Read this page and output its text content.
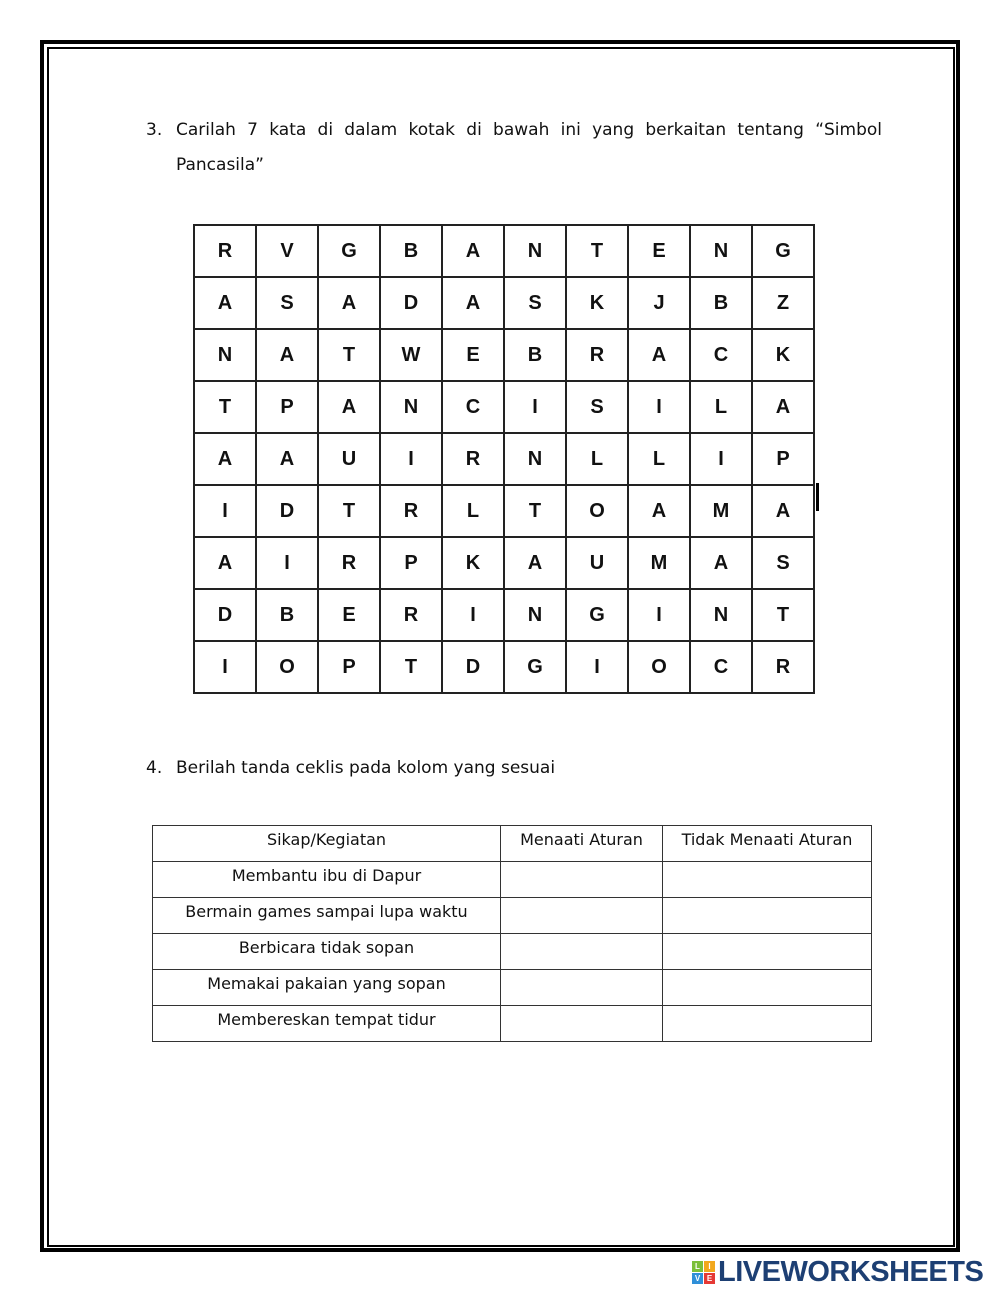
3. Carilah 7 kata di dalam kotak di bawah ini yang berkaitan tentang “Simbol
Pancasila”
R	V	G	B	A	N	T	E	N	G
A	S	A	D	A	S	K	J	B	Z
N	A	T	W	E	B	R	A	C	K
T	P	A	N	C	I	S	I	L	A
A	A	U	I	R	N	L	L	I	P
I	D	T	R	L	T	O	A	M	A
A	I	R	P	K	A	U	M	A	S
D	B	E	R	I	N	G	I	N	T
I	O	P	T	D	G	I	O	C	R
4. Berilah tanda ceklis pada kolom yang sesuai
Sikap/Kegiatan	Menaati Aturan	Tidak Menaati Aturan
Membantu ibu di Dapur		
Bermain games sampai lupa waktu		
Berbicara tidak sopan		
Memakai pakaian yang sopan		
Membereskan tempat tidur		
L	I
V E LIVEWORKSHEETS
